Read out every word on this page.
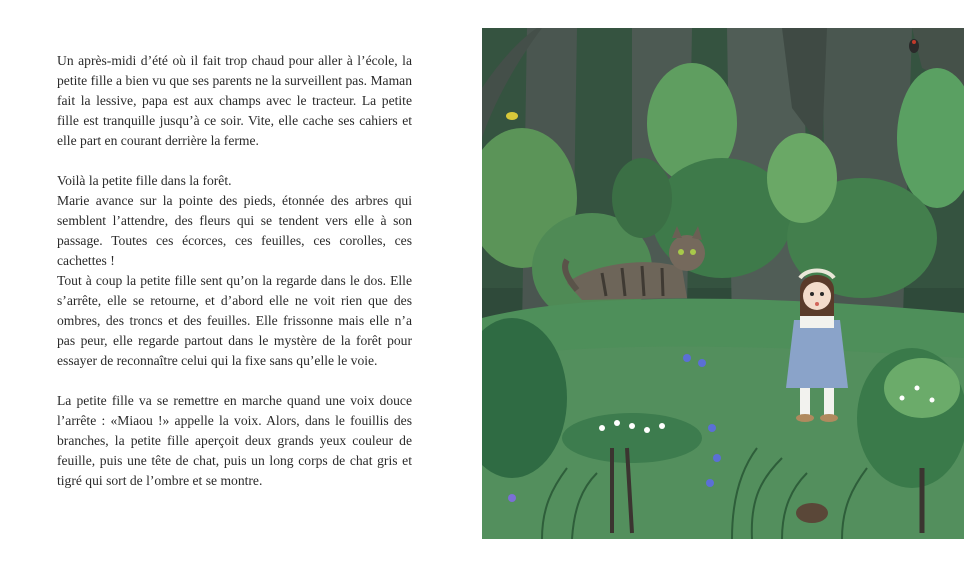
Un après-midi d’été où il fait trop chaud pour aller à l’école, la petite fille a bien vu que ses parents ne la surveillent pas. Maman fait la lessive, papa est aux champs avec le tracteur. La petite fille est tranquille jusqu’à ce soir. Vite, elle cache ses cahiers et elle part en courant derrière la ferme.

Voilà la petite fille dans la forêt.

Marie avance sur la pointe des pieds, étonnée des arbres qui semblent l’attendre, des fleurs qui se tendent vers elle à son passage. Toutes ces écorces, ces feuilles, ces corolles, ces cachettes !

Tout à coup la petite fille sent qu’on la regarde dans le dos. Elle s’arrête, elle se retourne, et d’abord elle ne voit rien que des ombres, des troncs et des feuilles. Elle frissonne mais elle n’a pas peur, elle regarde partout dans le mystère de la forêt pour essayer de reconnaître celui qui la fixe sans qu’elle le voie.

La petite fille va se remettre en marche quand une voix douce l’arrête : «Miaou !» appelle la voix. Alors, dans le fouillis des branches, la petite fille aperçoit deux grands yeux couleur de feuille, puis une tête de chat, puis un long corps de chat gris et tigré qui sort de l’ombre et se montre.
